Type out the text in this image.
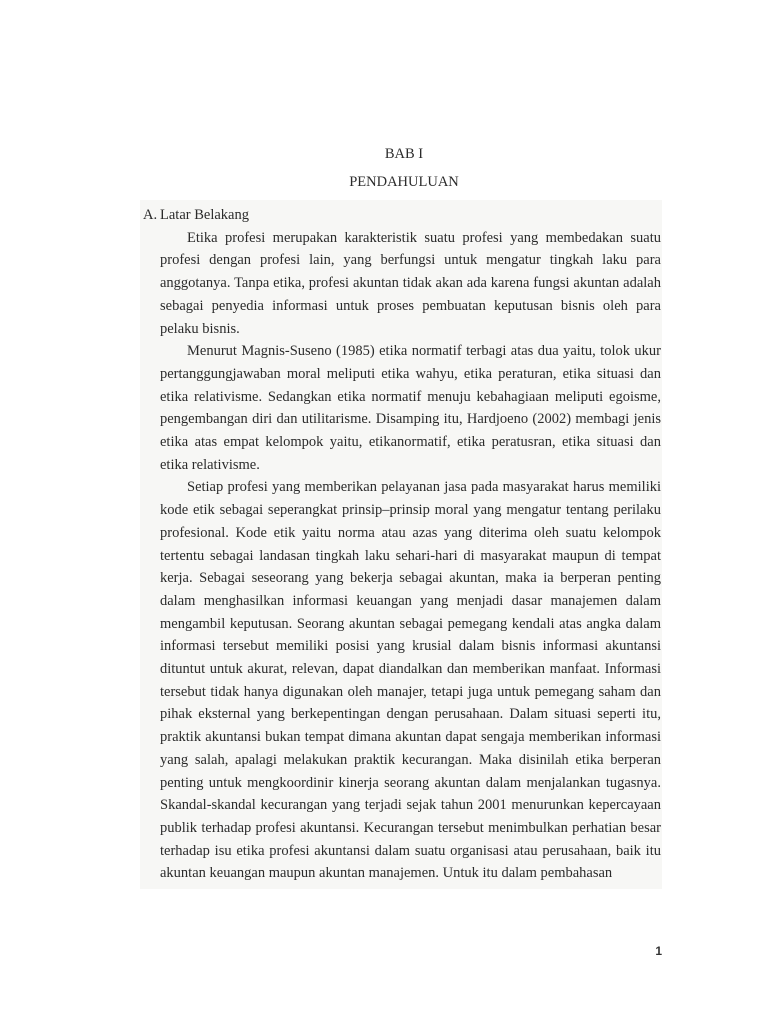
BAB I
PENDAHULUAN
A. Latar Belakang

Etika profesi merupakan karakteristik suatu profesi yang membedakan suatu profesi dengan profesi lain, yang berfungsi untuk mengatur tingkah laku para anggotanya. Tanpa etika, profesi akuntan tidak akan ada karena fungsi akuntan adalah sebagai penyedia informasi untuk proses pembuatan keputusan bisnis oleh para pelaku bisnis.

Menurut Magnis-Suseno (1985) etika normatif terbagi atas dua yaitu, tolok ukur pertanggungjawaban moral meliputi etika wahyu, etika peraturan, etika situasi dan etika relativisme. Sedangkan etika normatif menuju kebahagiaan meliputi egoisme, pengembangan diri dan utilitarisme. Disamping itu, Hardjoeno (2002) membagi jenis etika atas empat kelompok yaitu, etikanormatif, etika peratusran, etika situasi dan etika relativisme.

Setiap profesi yang memberikan pelayanan jasa pada masyarakat harus memiliki kode etik sebagai seperangkat prinsip–prinsip moral yang mengatur tentang perilaku profesional. Kode etik yaitu norma atau azas yang diterima oleh suatu kelompok tertentu sebagai landasan tingkah laku sehari-hari di masyarakat maupun di tempat kerja. Sebagai seseorang yang bekerja sebagai akuntan, maka ia berperan penting dalam menghasilkan informasi keuangan yang menjadi dasar manajemen dalam mengambil keputusan. Seorang akuntan sebagai pemegang kendali atas angka dalam informasi tersebut memiliki posisi yang krusial dalam bisnis informasi akuntansi dituntut untuk akurat, relevan, dapat diandalkan dan memberikan manfaat. Informasi tersebut tidak hanya digunakan oleh manajer, tetapi juga untuk pemegang saham dan pihak eksternal yang berkepentingan dengan perusahaan. Dalam situasi seperti itu, praktik akuntansi bukan tempat dimana akuntan dapat sengaja memberikan informasi yang salah, apalagi melakukan praktik kecurangan. Maka disinilah etika berperan penting untuk mengkoordinir kinerja seorang akuntan dalam menjalankan tugasnya. Skandal-skandal kecurangan yang terjadi sejak tahun 2001 menurunkan kepercayaan publik terhadap profesi akuntansi. Kecurangan tersebut menimbulkan perhatian besar terhadap isu etika profesi akuntansi dalam suatu organisasi atau perusahaan, baik itu akuntan keuangan maupun akuntan manajemen. Untuk itu dalam pembahasan

1
